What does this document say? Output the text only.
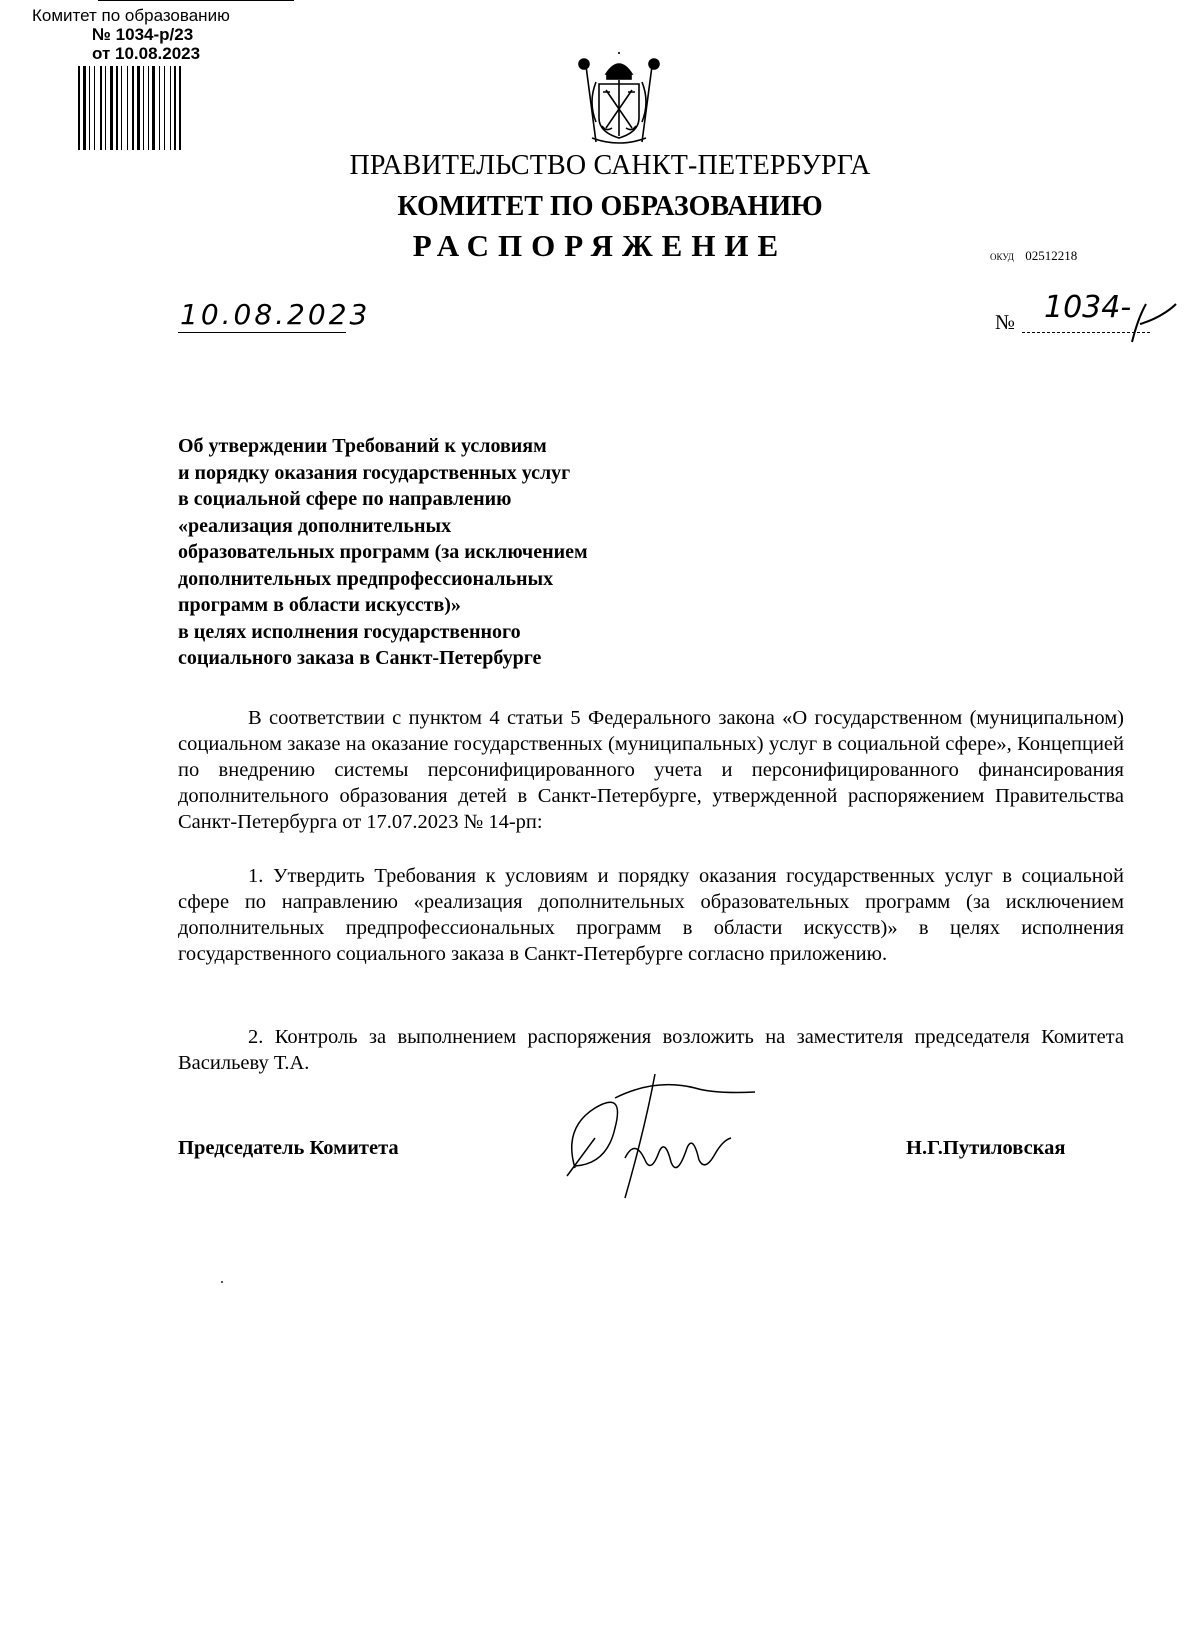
Комитет по образованию
№ 1034-р/23
от 10.08.2023
ПРАВИТЕЛЬСТВО САНКТ-ПЕТЕРБУРГА
КОМИТЕТ ПО ОБРАЗОВАНИЮ
РАСПОРЯЖЕНИЕ	окуд 02512218
10.08.2023	№ 1034-
Об утверждении Требований к условиям
и порядку оказания государственных услуг
в социальной сфере по направлению
«реализация дополнительных
образовательных программ (за исключением
дополнительных предпрофессиональных
программ в области искусств)»
в целях исполнения государственного
социального заказа в Санкт-Петербурге
В соответствии с пунктом 4 статьи 5 Федерального закона «О государственном (муниципальном) социальном заказе на оказание государственных (муниципальных) услуг в социальной сфере», Концепцией по внедрению системы персонифицированного учета и персонифицированного финансирования дополнительного образования детей в Санкт-Петербурге, утвержденной распоряжением Правительства Санкт-Петербурга от 17.07.2023 № 14-рп:
1. Утвердить Требования к условиям и порядку оказания государственных услуг в социальной сфере по направлению «реализация дополнительных образовательных программ (за исключением дополнительных предпрофессиональных программ в области искусств)» в целях исполнения государственного социального заказа в Санкт-Петербурге согласно приложению.
2. Контроль за выполнением распоряжения возложить на заместителя председателя Комитета Васильеву Т.А.
Председатель Комитета	Н.Г.Путиловская
